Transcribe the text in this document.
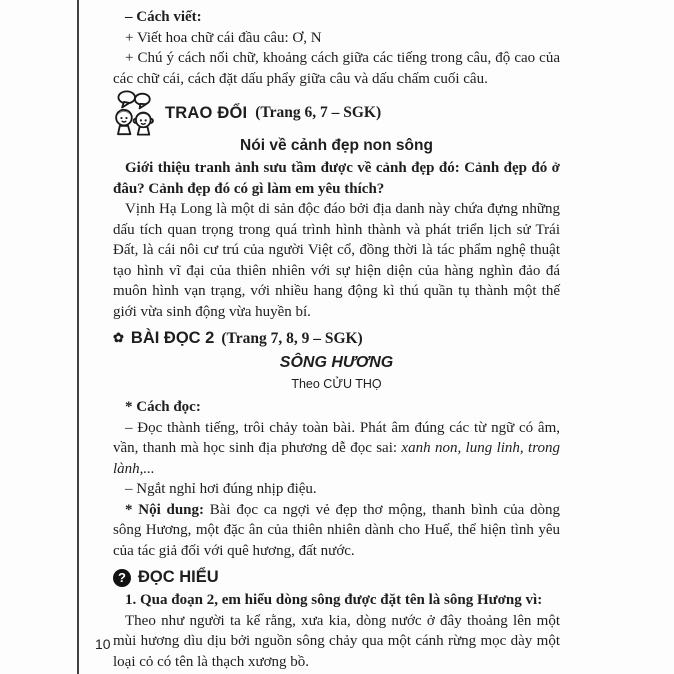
– Cách viết:

+ Viết hoa chữ cái đầu câu: Ơ, N

+ Chú ý cách nối chữ, khoảng cách giữa các tiếng trong câu, độ cao của các chữ cái, cách đặt dấu phẩy giữa câu và dấu chấm cuối câu.

TRAO ĐỔI (Trang 6, 7 – SGK)

Nói về cảnh đẹp non sông

Giới thiệu tranh ảnh sưu tầm được về cảnh đẹp đó: Cảnh đẹp đó ở đâu? Cảnh đẹp đó có gì làm em yêu thích?

Vịnh Hạ Long là một di sản độc đáo bởi địa danh này chứa đựng những dấu tích quan trọng trong quá trình hình thành và phát triển lịch sử Trái Đất, là cái nôi cư trú của người Việt cổ, đồng thời là tác phẩm nghệ thuật tạo hình vĩ đại của thiên nhiên với sự hiện diện của hàng nghìn đảo đá muôn hình vạn trạng, với nhiều hang động kì thú quần tụ thành một thế giới vừa sinh động vừa huyền bí.

✿ BÀI ĐỌC 2 (Trang 7, 8, 9 – SGK)

SÔNG HƯƠNG

Theo CỬU THỌ

* Cách đọc:

– Đọc thành tiếng, trôi chảy toàn bài. Phát âm đúng các từ ngữ có âm, vần, thanh mà học sinh địa phương dễ đọc sai: xanh non, lung linh, trong lành,...

– Ngắt nghỉ hơi đúng nhịp điệu.

* Nội dung: Bài đọc ca ngợi vẻ đẹp thơ mộng, thanh bình của dòng sông Hương, một đặc ân của thiên nhiên dành cho Huế, thể hiện tình yêu của tác giả đối với quê hương, đất nước.

? ĐỌC HIỂU

1. Qua đoạn 2, em hiểu dòng sông được đặt tên là sông Hương vì:

Theo như người ta kể rằng, xưa kia, dòng nước ở đây thoảng lên một mùi hương dìu dịu bởi nguồn sông chảy qua một cánh rừng mọc dày một loại cỏ có tên là thạch xương bồ.

10
